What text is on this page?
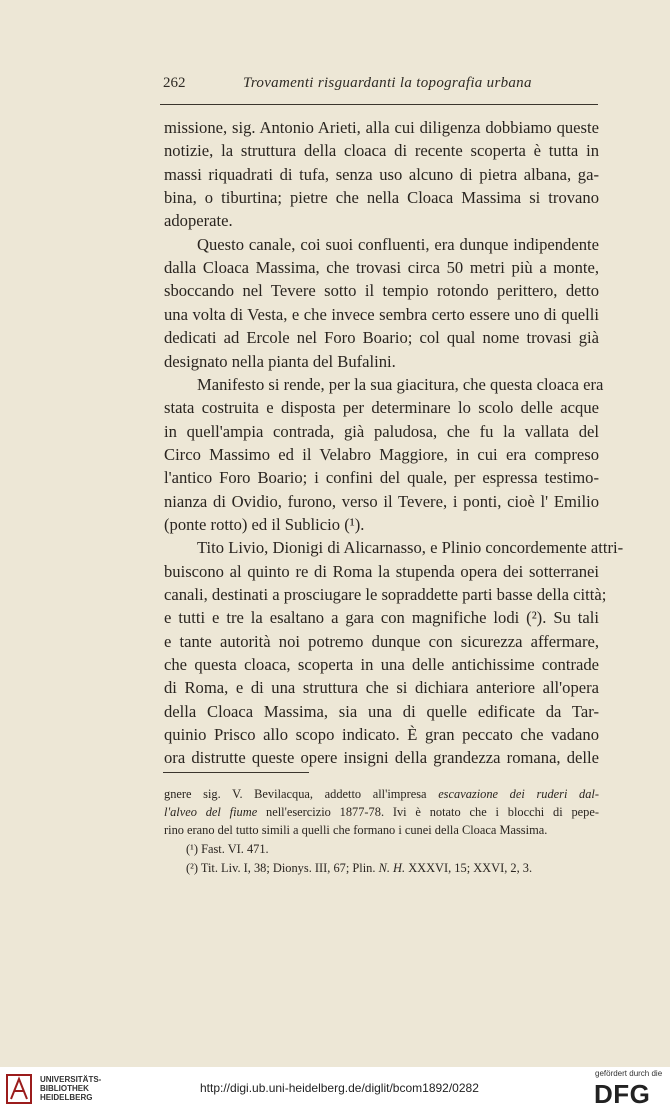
262	Trovamenti risguardanti la topografia urbana
missione, sig. Antonio Arieti, alla cui diligenza dobbiamo queste
notizie, la struttura della cloaca di recente scoperta è tutta in
massi riquadrati di tufa, senza uso alcuno di pietra albana, ga-
bina, o tiburtina; pietre che nella Cloaca Massima si trovano
adoperate.
Questo canale, coi suoi confluenti, era dunque indipendente
dalla Cloaca Massima, che trovasi circa 50 metri più a monte,
sboccando nel Tevere sotto il tempio rotondo perittero, detto
una volta di Vesta, e che invece sembra certo essere uno di quelli
dedicati ad Ercole nel Foro Boario; col qual nome trovasi già
designato nella pianta del Bufalini.
Manifesto si rende, per la sua giacitura, che questa cloaca era
stata costruita e disposta per determinare lo scolo delle acque
in quell'ampia contrada, già paludosa, che fu la vallata del
Circo Massimo ed il Velabro Maggiore, in cui era compreso
l'antico Foro Boario; i confini del quale, per espressa testimo-
nianza di Ovidio, furono, verso il Tevere, i ponti, cioè l' Emilio
(ponte rotto) ed il Sublicio (¹).
Tito Livio, Dionigi di Alicarnasso, e Plinio concordemente attri-
buiscono al quinto re di Roma la stupenda opera dei sotterranei
canali, destinati a prosciugare le sopraddette parti basse della città;
e tutti e tre la esaltano a gara con magnifiche lodi (²). Su tali
e tante autorità noi potremo dunque con sicurezza affermare,
che questa cloaca, scoperta in una delle antichissime contrade
di Roma, e di una struttura che si dichiara anteriore all'opera
della Cloaca Massima, sia una di quelle edificate da Tar-
quinio Prisco allo scopo indicato. È gran peccato che vadano
ora distrutte queste opere insigni della grandezza romana, delle
gnere sig. V. Bevilacqua, addetto all'impresa escavazione dei ruderi dal-
l'alveo del fiume nell'esercizio 1877-78. Ivi è notato che i blocchi di pepe-
rino erano del tutto simili a quelli che formano i cunei della Cloaca Massima.
(¹) Fast. VI. 471.
(²) Tit. Liv. I, 38; Dionys. III, 67; Plin. N. H. XXXVI, 15; XXVI, 2, 3.
UNIVERSITÄTS-
BIBLIOTHEK
HEIDELBERG
http://digi.ub.uni-heidelberg.de/diglit/bcom1892/0282
gefördert durch die
DFG
